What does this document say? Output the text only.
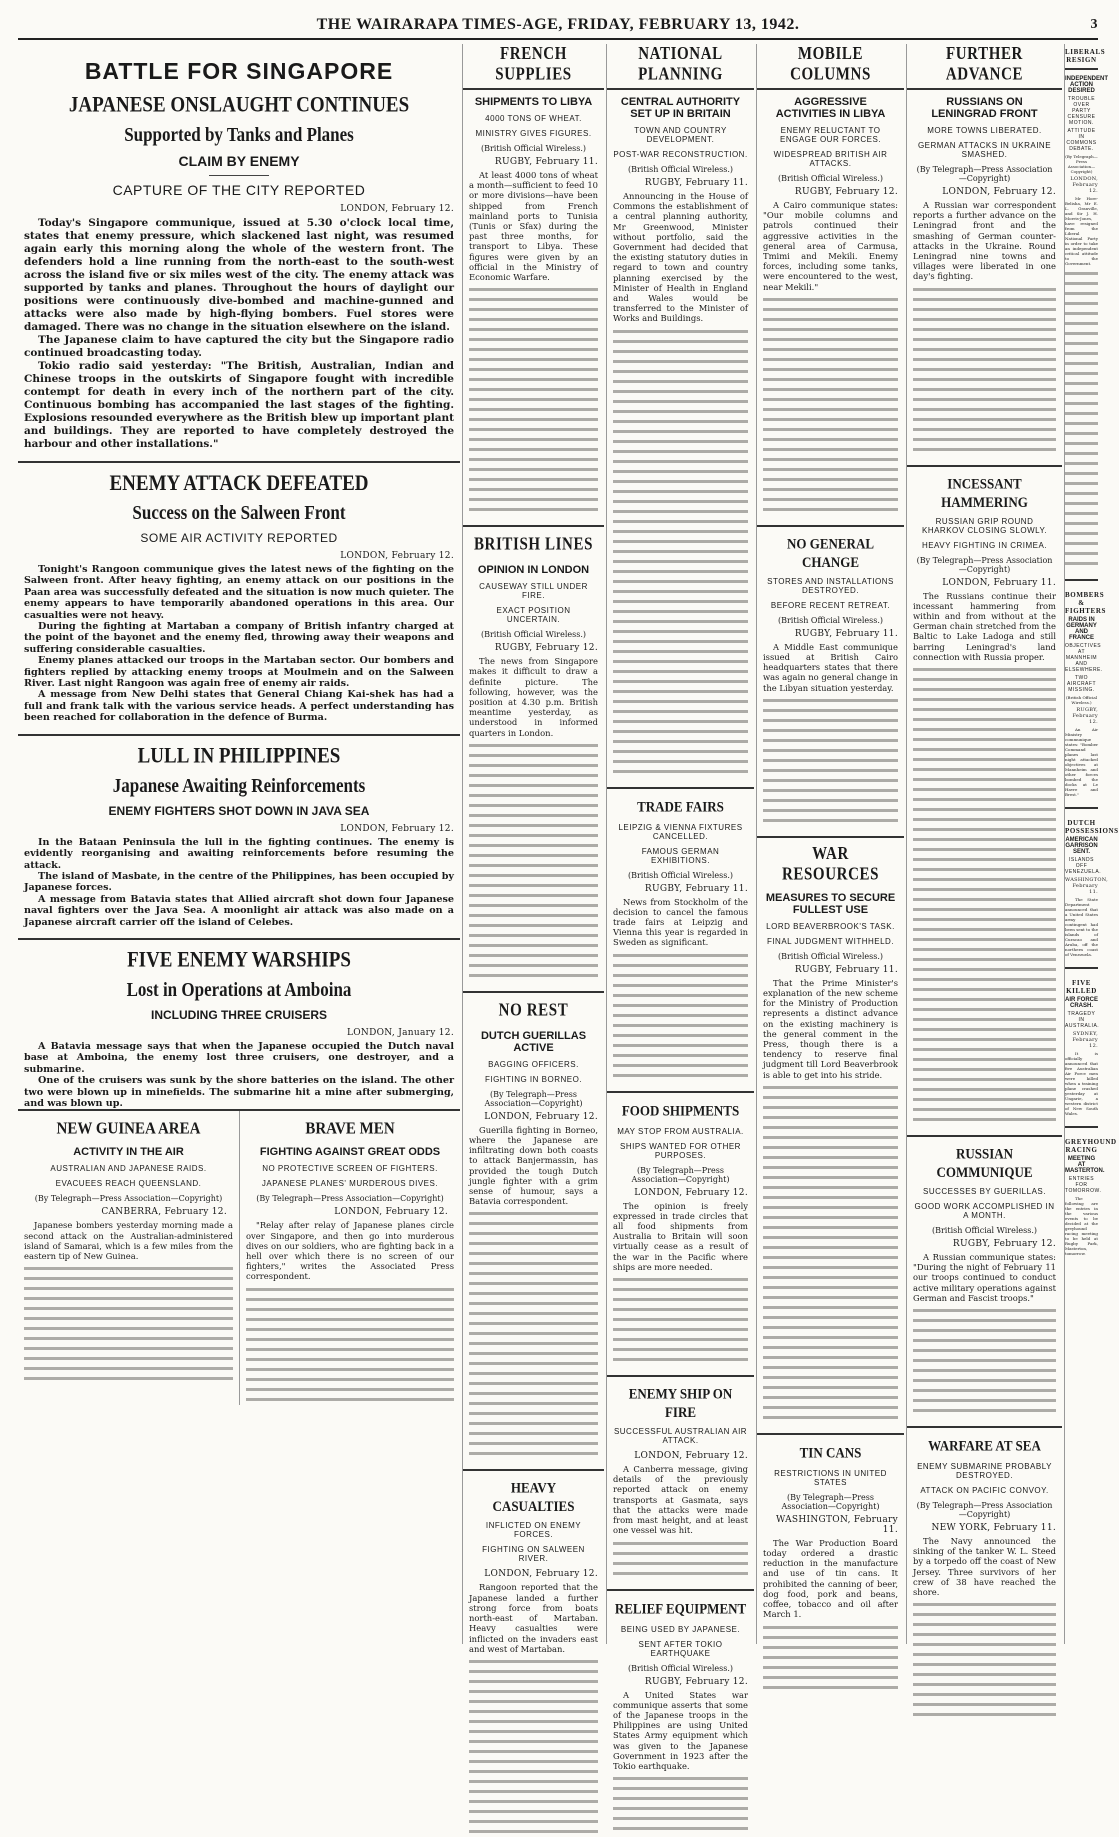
THE WAIRARAPA TIMES-AGE, FRIDAY, FEBRUARY 13, 1942.	3
BATTLE FOR SINGAPORE
JAPANESE ONSLAUGHT CONTINUES
Supported by Tanks and Planes
CLAIM BY ENEMY
CAPTURE OF THE CITY REPORTED
LONDON, February 12.

Today's Singapore communique, issued at 5.30 o'clock local time, states that enemy pressure, which slackened last night, was resumed again early this morning along the whole of the western front. The defenders hold a line running from the north-east to the south-west across the island five or six miles west of the city. The enemy attack was supported by tanks and planes. Throughout the hours of daylight our positions were continuously dive-bombed and machine-gunned and attacks were also made by high-flying bombers. Fuel stores were damaged. There was no change in the situation elsewhere on the island.

The Japanese claim to have captured the city but the Singapore radio continued broadcasting today.

Tokio radio said yesterday: "The British, Australian, Indian and Chinese troops in the outskirts of Singapore fought with incredible contempt for death in every inch of the northern part of the city. Continuous bombing has accompanied the last stages of the fighting. Explosions resounded everywhere as the British blew up important plant and buildings. They are reported to have completely destroyed the harbour and other installations."

ENEMY ATTACK DEFEATED
Success on the Salween Front
SOME AIR ACTIVITY REPORTED
LONDON, February 12.

Tonight's Rangoon communique gives the latest news of the fighting on the Salween front. After heavy fighting, an enemy attack on our positions in the Paan area was successfully defeated and the situation is now much quieter. The enemy appears to have temporarily abandoned operations in this area. Our casualties were not heavy.

During the fighting at Martaban a company of British infantry charged at the point of the bayonet and the enemy fled, throwing away their weapons and suffering considerable casualties.

Enemy planes attacked our troops in the Martaban sector. Our bombers and fighters replied by attacking enemy troops at Moulmein and on the Salween River. Last night Rangoon was again free of enemy air raids.

A message from New Delhi states that General Chiang Kai-shek has had a full and frank talk with the various service heads. A perfect understanding has been reached for collaboration in the defence of Burma.

LULL IN PHILIPPINES
Japanese Awaiting Reinforcements
ENEMY FIGHTERS SHOT DOWN IN JAVA SEA
LONDON, February 12.

In the Bataan Peninsula the lull in the fighting continues. The enemy is evidently reorganising and awaiting reinforcements before resuming the attack.

The island of Masbate, in the centre of the Philippines, has been occupied by Japanese forces.

A message from Batavia states that Allied aircraft shot down four Japanese naval fighters over the Java Sea. A moonlight air attack was also made on a Japanese aircraft carrier off the island of Celebes.

FIVE ENEMY WARSHIPS
Lost in Operations at Amboina
INCLUDING THREE CRUISERS
LONDON, January 12.

A Batavia message says that when the Japanese occupied the Dutch naval base at Amboina, the enemy lost three cruisers, one destroyer, and a submarine.

One of the cruisers was sunk by the shore batteries on the island. The other two were blown up in minefields. The submarine hit a mine after submerging, and was blown up.

NEW GUINEA AREA
ACTIVITY IN THE AIR
AUSTRALIAN AND JAPANESE RAIDS.
EVACUEES REACH QUEENSLAND.
(By Telegraph—Press Association—Copyright)
CANBERRA, February 12.

Japanese bombers yesterday morning made a second attack on the Australian-administered island of Samarai, which is a few miles from the eastern tip of New Guinea.

BRAVE MEN
FIGHTING AGAINST GREAT ODDS
NO PROTECTIVE SCREEN OF FIGHTERS.
JAPANESE PLANES' MURDEROUS DIVES.
(By Telegraph—Press Association—Copyright)
LONDON, February 12.

"Relay after relay of Japanese planes circle over Singapore, and then go into murderous dives on our soldiers, who are fighting back in a hell over which there is no screen of our fighters," writes the Associated Press correspondent.

FRENCH SUPPLIES
SHIPMENTS TO LIBYA
4000 TONS OF WHEAT.
MINISTRY GIVES FIGURES.
(British Official Wireless.)
RUGBY, February 11.

At least 4000 tons of wheat a month—sufficient to feed 10 or more divisions—have been shipped from French mainland ports to Tunisia (Tunis or Sfax) during the past three months, for transport to Libya. These figures were given by an official in the Ministry of Economic Warfare.

BRITISH LINES
OPINION IN LONDON
CAUSEWAY STILL UNDER FIRE.
EXACT POSITION UNCERTAIN.
(British Official Wireless.)
RUGBY, February 12.

The news from Singapore makes it difficult to draw a definite picture. The following, however, was the position at 4.30 p.m. British meantime yesterday, as understood in informed quarters in London.

NO REST
DUTCH GUERILLAS ACTIVE
BAGGING OFFICERS.
FIGHTING IN BORNEO.
(By Telegraph—Press Association—Copyright)
LONDON, February 12.

Guerilla fighting in Borneo, where the Japanese are infiltrating down both coasts to attack Banjermassin, has provided the tough Dutch jungle fighter with a grim sense of humour, says a Batavia correspondent.

HEAVY CASUALTIES
INFLICTED ON ENEMY FORCES.
FIGHTING ON SALWEEN RIVER.
LONDON, February 12.

Rangoon reported that the Japanese landed a further strong force from boats north-east of Martaban. Heavy casualties were inflicted on the invaders east and west of Martaban.

NATIONAL PLANNING
CENTRAL AUTHORITY SET UP IN BRITAIN
TOWN AND COUNTRY DEVELOPMENT.
POST-WAR RECONSTRUCTION.
(British Official Wireless.)
RUGBY, February 11.

Announcing in the House of Commons the establishment of a central planning authority, Mr Greenwood, Minister without portfolio, said the Government had decided that the existing statutory duties in regard to town and country planning exercised by the Minister of Health in England and Wales would be transferred to the Minister of Works and Buildings.

TRADE FAIRS
LEIPZIG & VIENNA FIXTURES CANCELLED.
FAMOUS GERMAN EXHIBITIONS.
(British Official Wireless.)
RUGBY, February 11.

News from Stockholm of the decision to cancel the famous trade fairs at Leipzig and Vienna this year is regarded in Sweden as significant.

FOOD SHIPMENTS
MAY STOP FROM AUSTRALIA.
SHIPS WANTED FOR OTHER PURPOSES.
(By Telegraph—Press Association—Copyright)
LONDON, February 12.

The opinion is freely expressed in trade circles that all food shipments from Australia to Britain will soon virtually cease as a result of the war in the Pacific where ships are more needed.

ENEMY SHIP ON FIRE
SUCCESSFUL AUSTRALIAN AIR ATTACK.
LONDON, February 12.

A Canberra message, giving details of the previously reported attack on enemy transports at Gasmata, says that the attacks were made from mast height, and at least one vessel was hit.

RELIEF EQUIPMENT
BEING USED BY JAPANESE.
SENT AFTER TOKIO EARTHQUAKE
(British Official Wireless.)
RUGBY, February 12.

A United States war communique asserts that some of the Japanese troops in the Philippines are using United States Army equipment which was given to the Japanese Government in 1923 after the Tokio earthquake.

MOBILE COLUMNS
AGGRESSIVE ACTIVITIES IN LIBYA
ENEMY RELUCTANT TO ENGAGE OUR FORCES.
WIDESPREAD BRITISH AIR ATTACKS.
(British Official Wireless.)
RUGBY, February 12.

A Cairo communique states: "Our mobile columns and patrols continued their aggressive activities in the general area of Carmusa, Tmimi and Mekili. Enemy forces, including some tanks, were encountered to the west, near Mekili."

NO GENERAL CHANGE
STORES AND INSTALLATIONS DESTROYED.
BEFORE RECENT RETREAT.
(British Official Wireless.)
RUGBY, February 11.

A Middle East communique issued at British Cairo headquarters states that there was again no general change in the Libyan situation yesterday.

WAR RESOURCES
MEASURES TO SECURE FULLEST USE
LORD BEAVERBROOK'S TASK.
FINAL JUDGMENT WITHHELD.
(British Official Wireless.)
RUGBY, February 11.

That the Prime Minister's explanation of the new scheme for the Ministry of Production represents a distinct advance on the existing machinery is the general comment in the Press, though there is a tendency to reserve final judgment till Lord Beaverbrook is able to get into his stride.

TIN CANS
RESTRICTIONS IN UNITED STATES
(By Telegraph—Press Association—Copyright)
WASHINGTON, February 11.

The War Production Board today ordered a drastic reduction in the manufacture and use of tin cans. It prohibited the canning of beer, dog food, pork and beans, coffee, tobacco and oil after March 1.

FURTHER ADVANCE
RUSSIANS ON LENINGRAD FRONT
MORE TOWNS LIBERATED.
GERMAN ATTACKS IN UKRAINE SMASHED.
(By Telegraph—Press Association—Copyright)
LONDON, February 12.

A Russian war correspondent reports a further advance on the Leningrad front and the smashing of German counter-attacks in the Ukraine. Round Leningrad nine towns and villages were liberated in one day's fighting.

INCESSANT HAMMERING
RUSSIAN GRIP ROUND KHARKOV CLOSING SLOWLY.
HEAVY FIGHTING IN CRIMEA.
(By Telegraph—Press Association—Copyright)
LONDON, February 11.

The Russians continue their incessant hammering from within and from without at the German chain stretched from the Baltic to Lake Ladoga and still barring Leningrad's land connection with Russia proper.

RUSSIAN COMMUNIQUE
SUCCESSES BY GUERILLAS.
GOOD WORK ACCOMPLISHED IN A MONTH.
(British Official Wireless.)
RUGBY, February 12.

A Russian communique states: "During the night of February 11 our troops continued to conduct active military operations against German and Fascist troops."

WARFARE AT SEA
ENEMY SUBMARINE PROBABLY DESTROYED.
ATTACK ON PACIFIC CONVOY.
(By Telegraph—Press Association—Copyright)
NEW YORK, February 11.

The Navy announced the sinking of the tanker W. L. Steed by a torpedo off the coast of New Jersey. Three survivors of her crew of 38 have reached the shore.

LIBERALS RESIGN
INDEPENDENT ACTION DESIRED
TROUBLE OVER PARTY CENSURE MOTION.
ATTITUDE IN COMMONS DEBATE.
(By Telegraph—Press Association—Copyright)
LONDON, February 12.

Mr Hore-Belisha, Mr E. L. Granville, and Sir J. H. Morris-Jones, have resigned from the Liberal National Party in order to take an independent critical attitude to the Government.

BOMBERS & FIGHTERS
RAIDS IN GERMANY AND FRANCE
OBJECTIVES AT MANNHEIM AND ELSEWHERE.
TWO AIRCRAFT MISSING.
(British Official Wireless.)
RUGBY, February 12.

An Air Ministry communique states: "Bomber Command planes last night attacked objectives at Mannheim and other forces bombed the docks at Le Havre and Brest."

DUTCH POSSESSIONS
AMERICAN GARRISON SENT.
ISLANDS OFF VENEZUELA.
WASHINGTON, February 11.

The State Department announced that a United States army contingent had been sent to the islands of Curacao and Aruba, off the northern coast of Venezuela.

FIVE KILLED
AIR FORCE CRASH.
TRAGEDY IN AUSTRALIA.
SYDNEY, February 12.

It is officially announced that five Australian Air Force men were killed when a training plane crashed yesterday at Ungarie, a western district of New South Wales.

GREYHOUND RACING
MEETING AT MASTERTON.
ENTRIES FOR TOMORROW.

The following are the entries in the various events to be decided at the greyhound racing meeting to be held at Rugby Park, Masterton, tomorrow.
